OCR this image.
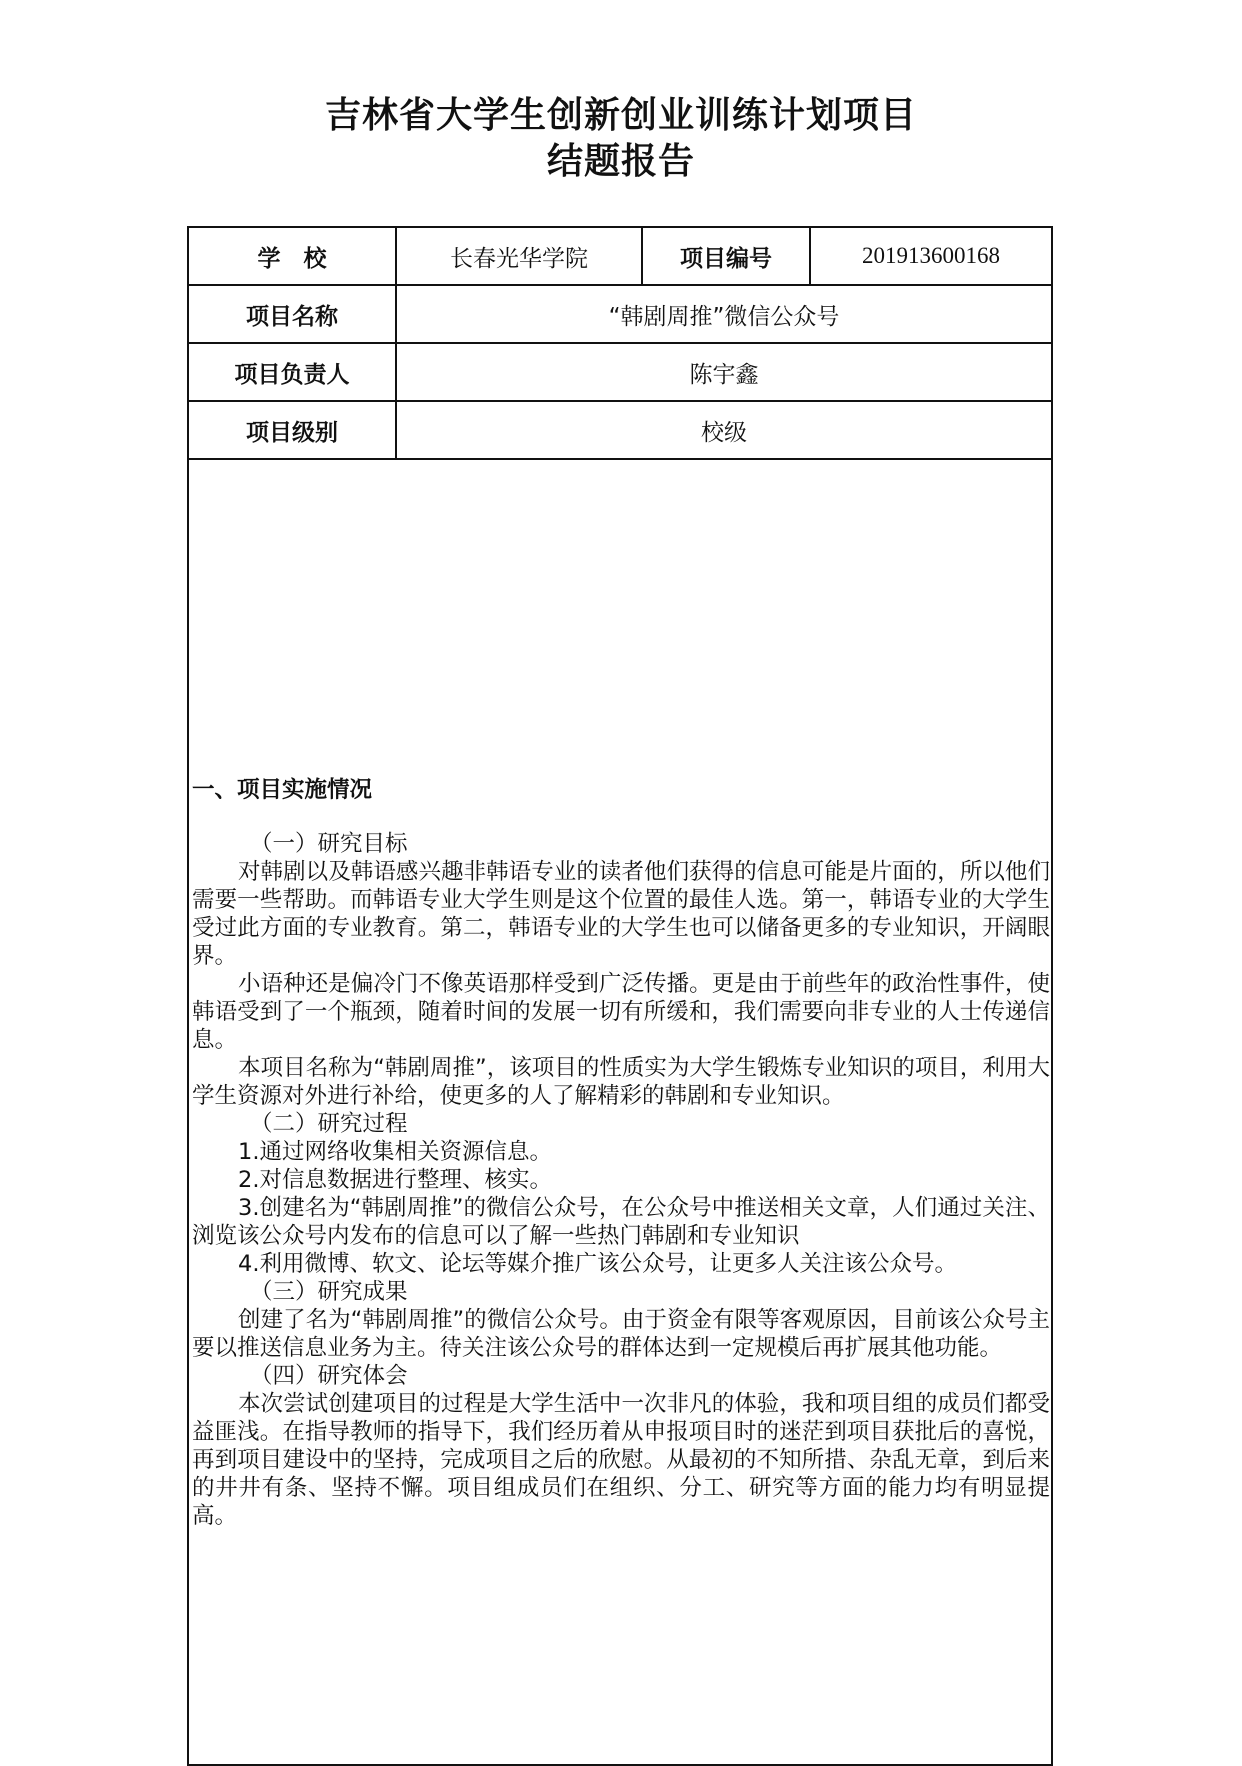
吉林省大学生创新创业训练计划项目
结题报告
学　校	长春光华学院	项目编号	201913600168
项目名称	“韩剧周推”微信公众号
项目负责人	陈宇鑫
项目级别	校级

一、项目实施情况

（一）研究目标

对韩剧以及韩语感兴趣非韩语专业的读者他们获得的信息可能是片面的，所以他们需要一些帮助。而韩语专业大学生则是这个位置的最佳人选。第一，韩语专业的大学生受过此方面的专业教育。第二，韩语专业的大学生也可以储备更多的专业知识，开阔眼界。

小语种还是偏冷门不像英语那样受到广泛传播。更是由于前些年的政治性事件，使韩语受到了一个瓶颈，随着时间的发展一切有所缓和，我们需要向非专业的人士传递信息。

本项目名称为“韩剧周推”，该项目的性质实为大学生锻炼专业知识的项目，利用大学生资源对外进行补给，使更多的人了解精彩的韩剧和专业知识。

（二）研究过程

1.通过网络收集相关资源信息。

2.对信息数据进行整理、核实。

3.创建名为“韩剧周推”的微信公众号，在公众号中推送相关文章，人们通过关注、浏览该公众号内发布的信息可以了解一些热门韩剧和专业知识

4.利用微博、软文、论坛等媒介推广该公众号，让更多人关注该公众号。

（三）研究成果

创建了名为“韩剧周推”的微信公众号。由于资金有限等客观原因，目前该公众号主要以推送信息业务为主。待关注该公众号的群体达到一定规模后再扩展其他功能。

（四）研究体会

本次尝试创建项目的过程是大学生活中一次非凡的体验，我和项目组的成员们都受益匪浅。在指导教师的指导下，我们经历着从申报项目时的迷茫到项目获批后的喜悦，再到项目建设中的坚持，完成项目之后的欣慰。从最初的不知所措、杂乱无章，到后来的井井有条、坚持不懈。项目组成员们在组织、分工、研究等方面的能力均有明显提高。
